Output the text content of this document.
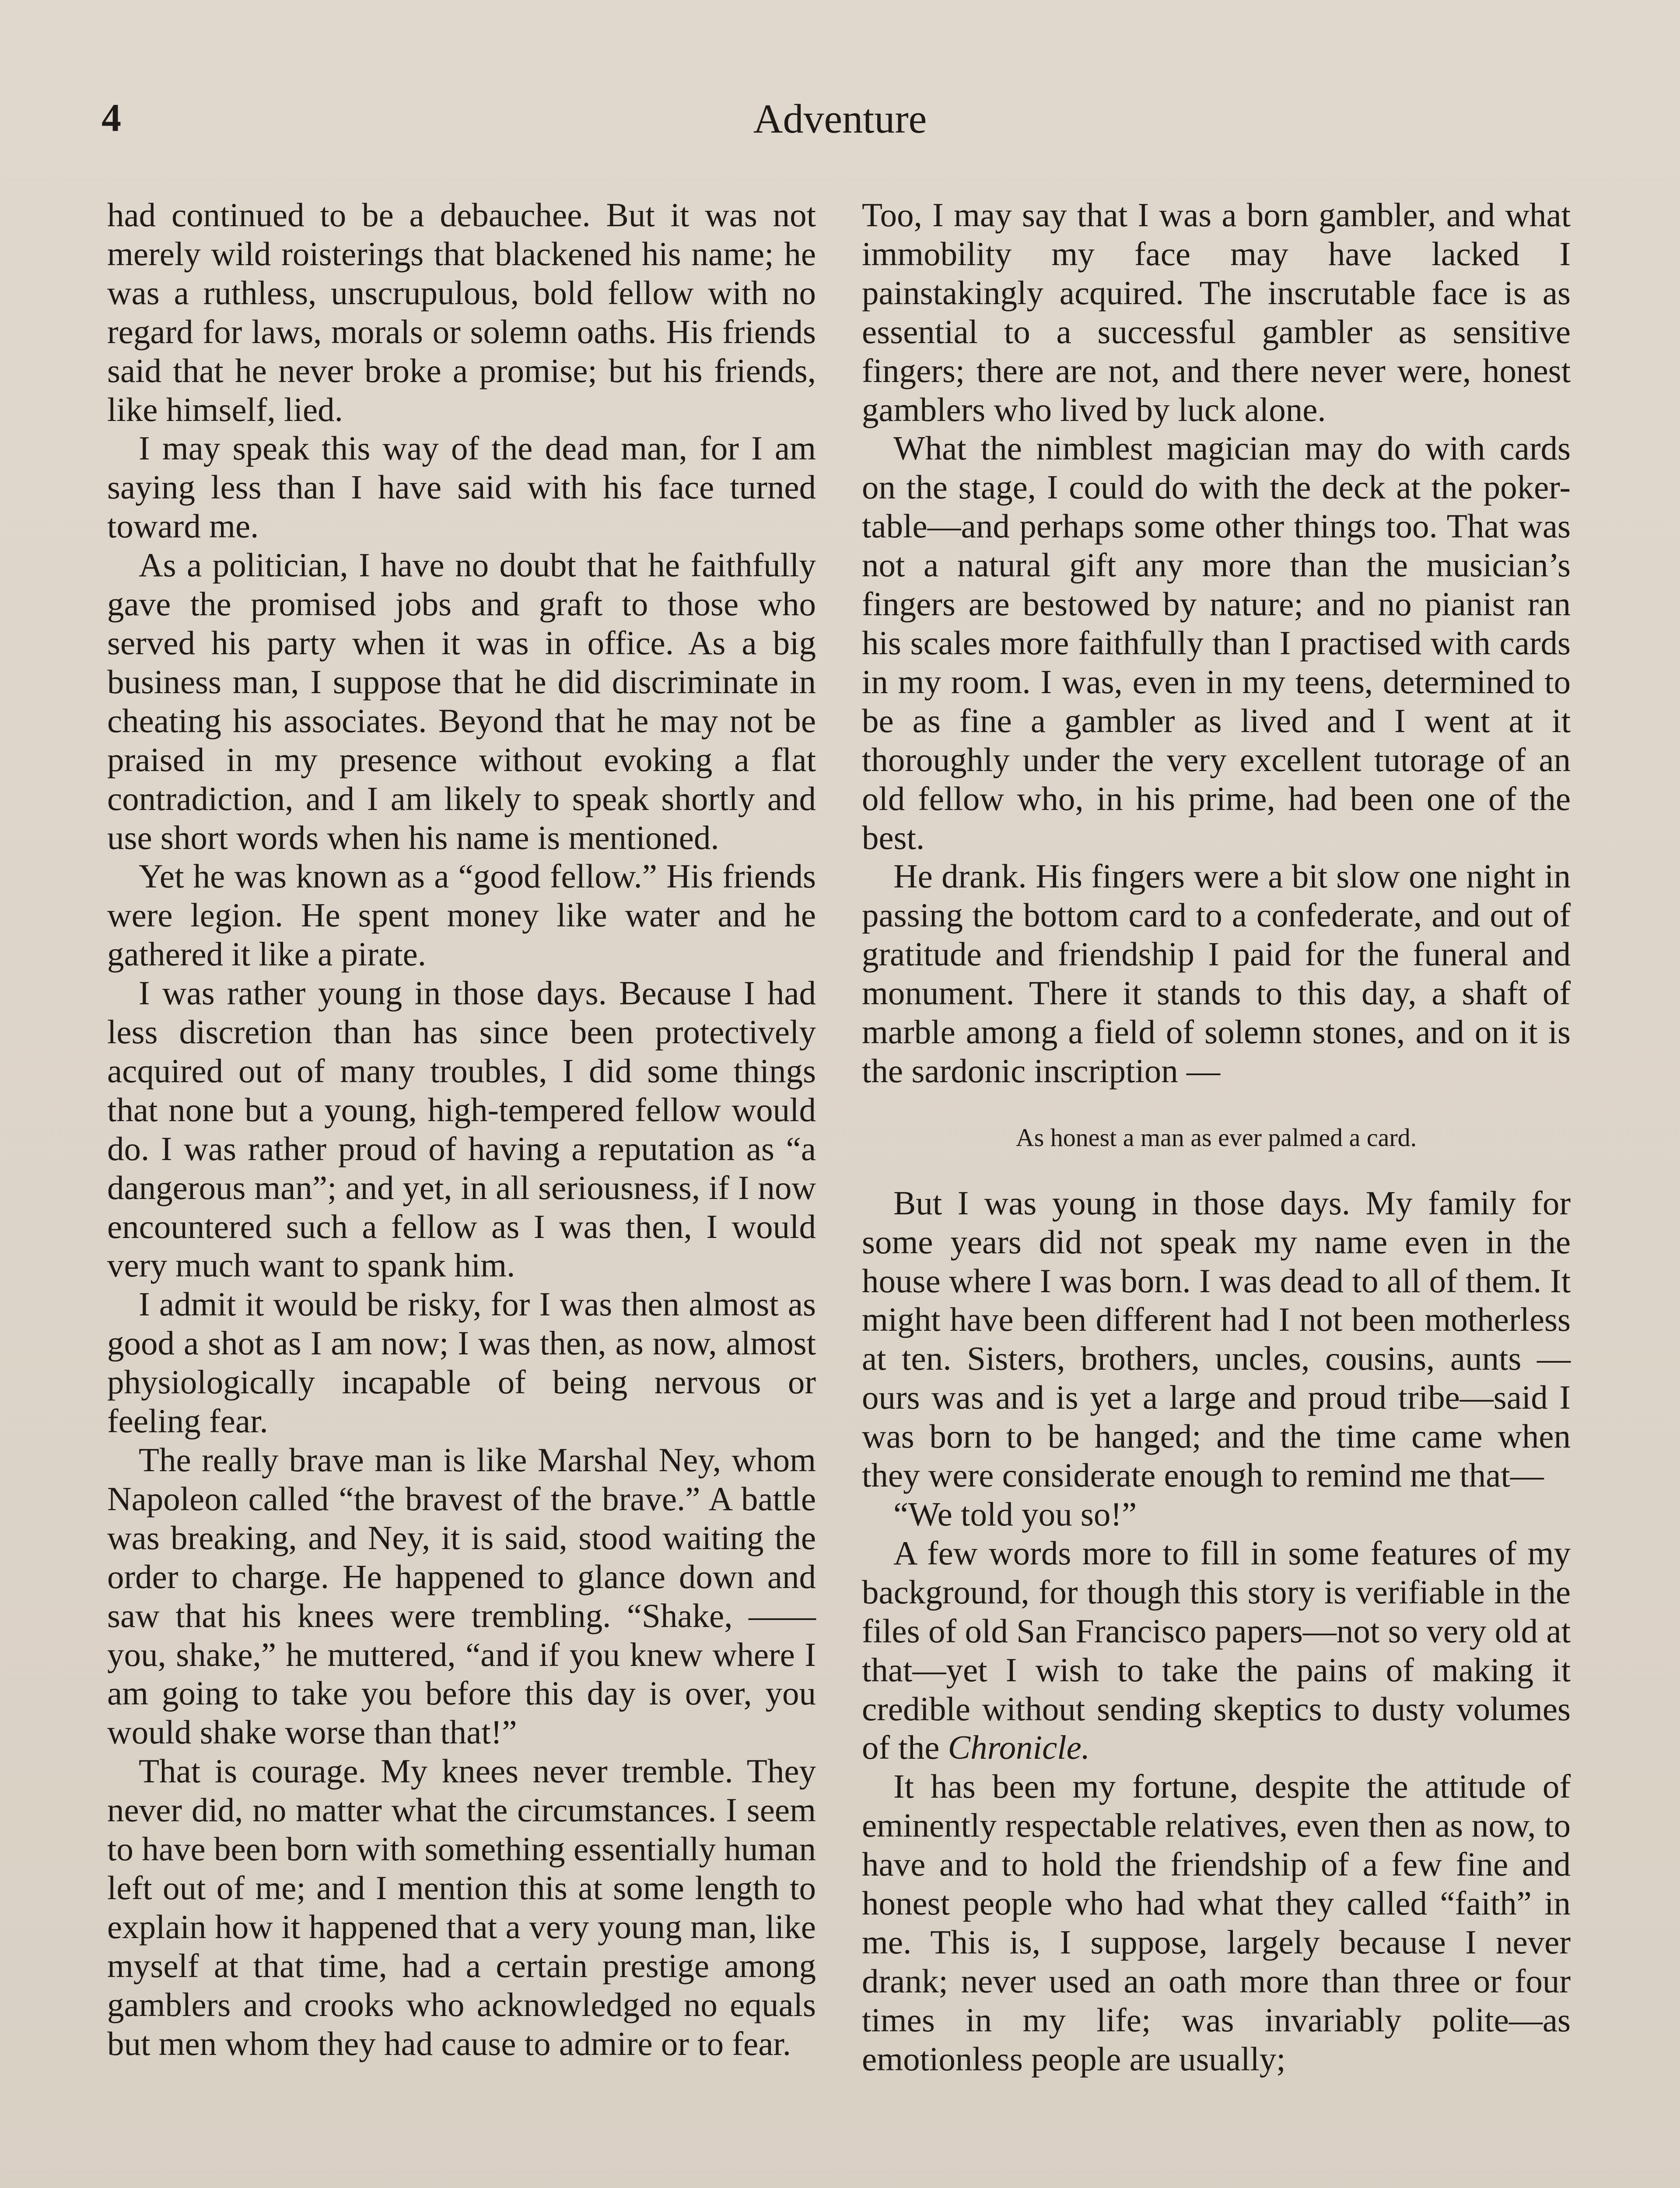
4	Adventure

had continued to be a debauchee. But it was not merely wild roisterings that blackened his name; he was a ruthless, unscrupulous, bold fellow with no regard for laws, morals or solemn oaths. His friends said that he never broke a promise; but his friends, like himself, lied.

I may speak this way of the dead man, for I am saying less than I have said with his face turned toward me.

As a politician, I have no doubt that he faithfully gave the promised jobs and graft to those who served his party when it was in office. As a big business man, I suppose that he did discriminate in cheating his associates. Beyond that he may not be praised in my presence without evoking a flat contradiction, and I am likely to speak shortly and use short words when his name is mentioned.

Yet he was known as a “good fellow.” His friends were legion. He spent money like water and he gathered it like a pirate.

I was rather young in those days. Because I had less discretion than has since been protectively acquired out of many troubles, I did some things that none but a young, high-tempered fellow would do. I was rather proud of having a reputation as “a dangerous man”; and yet, in all seriousness, if I now encountered such a fellow as I was then, I would very much want to spank him.

I admit it would be risky, for I was then almost as good a shot as I am now; I was then, as now, almost physiologically incapable of being nervous or feeling fear.

The really brave man is like Marshal Ney, whom Napoleon called “the bravest of the brave.” A battle was breaking, and Ney, it is said, stood waiting the order to charge. He happened to glance down and saw that his knees were trembling. “Shake, —— you, shake,” he muttered, “and if you knew where I am going to take you before this day is over, you would shake worse than that!”

That is courage. My knees never tremble. They never did, no matter what the circumstances. I seem to have been born with something essentially human left out of me; and I mention this at some length to explain how it happened that a very young man, like myself at that time, had a certain prestige among gamblers and crooks who acknowledged no equals but men whom they had cause to admire or to fear.

Too, I may say that I was a born gambler, and what immobility my face may have lacked I painstakingly acquired. The inscrutable face is as essential to a successful gambler as sensitive fingers; there are not, and there never were, honest gamblers who lived by luck alone.

What the nimblest magician may do with cards on the stage, I could do with the deck at the poker-table—and perhaps some other things too. That was not a natural gift any more than the musician’s fingers are bestowed by nature; and no pianist ran his scales more faithfully than I practised with cards in my room. I was, even in my teens, determined to be as fine a gambler as lived and I went at it thoroughly under the very excellent tutorage of an old fellow who, in his prime, had been one of the best.

He drank. His fingers were a bit slow one night in passing the bottom card to a confederate, and out of gratitude and friendship I paid for the funeral and monument. There it stands to this day, a shaft of marble among a field of solemn stones, and on it is the sardonic inscription —

As honest a man as ever palmed a card.

But I was young in those days. My family for some years did not speak my name even in the house where I was born. I was dead to all of them. It might have been different had I not been motherless at ten. Sisters, brothers, uncles, cousins, aunts —ours was and is yet a large and proud tribe—said I was born to be hanged; and the time came when they were considerate enough to remind me that—

“We told you so!”

A few words more to fill in some features of my background, for though this story is verifiable in the files of old San Francisco papers—not so very old at that—yet I wish to take the pains of making it credible without sending skeptics to dusty volumes of the Chronicle.

It has been my fortune, despite the attitude of eminently respectable relatives, even then as now, to have and to hold the friendship of a few fine and honest people who had what they called “faith” in me. This is, I suppose, largely because I never drank; never used an oath more than three or four times in my life; was invariably polite—as emotionless people are usually;
